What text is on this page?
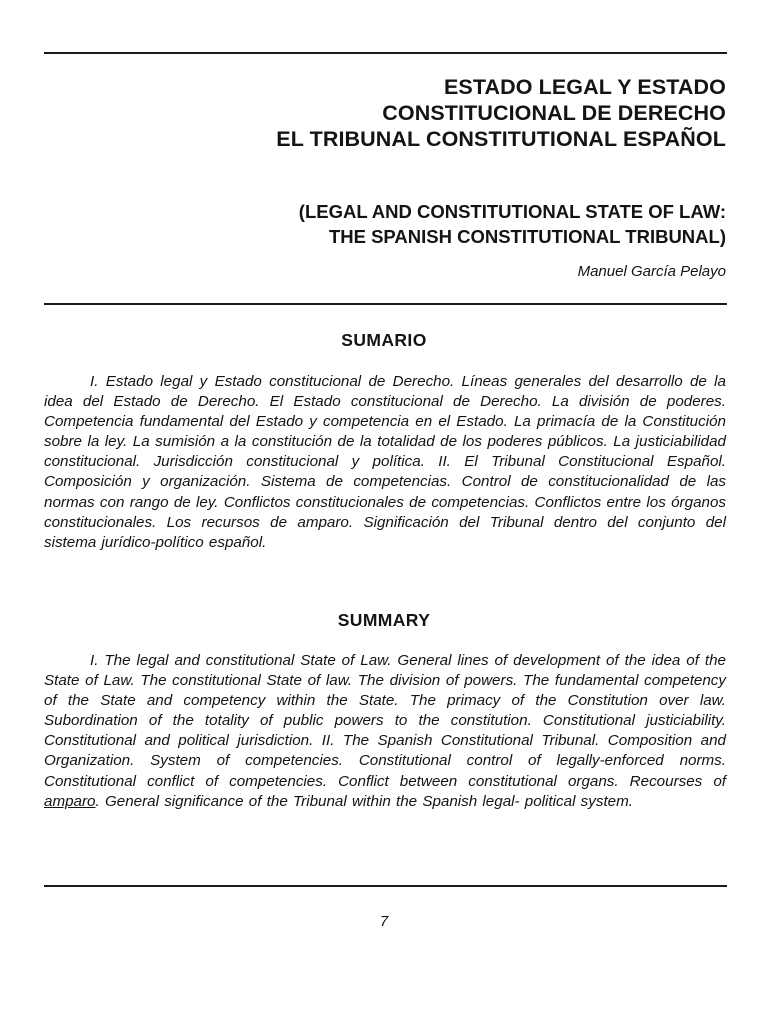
ESTADO LEGAL Y ESTADO
CONSTITUCIONAL DE DERECHO
EL TRIBUNAL CONSTITUTIONAL ESPAÑOL
(LEGAL AND CONSTITUTIONAL STATE OF LAW:
THE SPANISH CONSTITUTIONAL TRIBUNAL)
Manuel García Pelayo
SUMARIO

I. Estado legal y Estado constitucional de Derecho. Líneas generales del desarrollo de la idea del Estado de Derecho. El Estado constitucional de Derecho. La división de poderes. Competencia fundamental del Estado y competencia en el Estado. La primacía de la Constitución sobre la ley. La sumisión a la constitución de la totalidad de los poderes públicos. La justiciabilidad constitucional. Jurisdicción constitucional y política. II. El Tribunal Constitucional Español. Composición y organización. Sistema de competencias. Control de constitucionalidad de las normas con rango de ley. Conflictos constitucionales de competencias. Conflictos entre los órganos constitucionales. Los recursos de amparo. Significación del Tribunal dentro del conjunto del sistema jurídico-político español.

SUMMARY

I. The legal and constitutional State of Law. General lines of development of the idea of the State of Law. The constitutional State of law. The division of powers. The fundamental competency of the State and competency within the State. The primacy of the Constitution over law. Subordination of the totality of public powers to the constitution. Constitutional justiciability. Constitutional and political jurisdiction. II. The Spanish Constitutional Tribunal. Composition and Organization. System of competencies. Constitutional control of legally-enforced norms. Constitutional conflict of competencies. Conflict between constitutional organs. Recourses of amparo. General significance of the Tribunal within the Spanish legal- political system.

7
